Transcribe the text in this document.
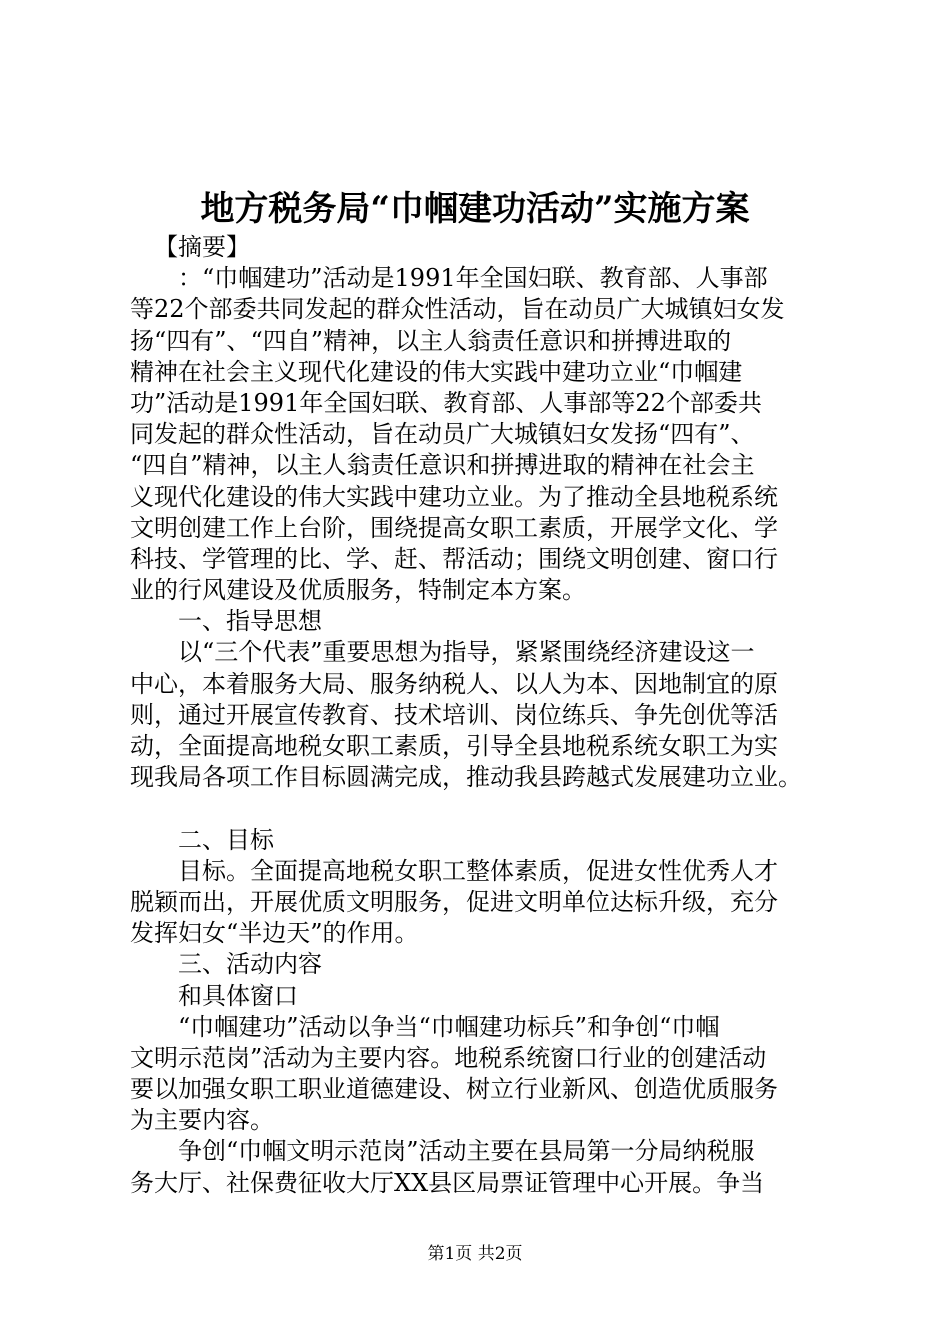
地方税务局“巾帼建功活动”实施方案
【摘要】
：“巾帼建功”活动是1991年全国妇联、教育部、人事部
等22个部委共同发起的群众性活动，旨在动员广大城镇妇女发
扬“四有”、“四自”精神，以主人翁责任意识和拼搏进取的
精神在社会主义现代化建设的伟大实践中建功立业“巾帼建
功”活动是1991年全国妇联、教育部、人事部等22个部委共
同发起的群众性活动，旨在动员广大城镇妇女发扬“四有”、
“四自”精神，以主人翁责任意识和拼搏进取的精神在社会主
义现代化建设的伟大实践中建功立业。为了推动全县地税系统
文明创建工作上台阶，围绕提高女职工素质，开展学文化、学
科技、学管理的比、学、赶、帮活动；围绕文明创建、窗口行
业的行风建设及优质服务，特制定本方案。
一、指导思想
以“三个代表”重要思想为指导，紧紧围绕经济建设这一
中心，本着服务大局、服务纳税人、以人为本、因地制宜的原
则，通过开展宣传教育、技术培训、岗位练兵、争先创优等活
动，全面提高地税女职工素质，引导全县地税系统女职工为实
现我局各项工作目标圆满完成，推动我县跨越式发展建功立业。
二、目标
目标。全面提高地税女职工整体素质，促进女性优秀人才
脱颖而出，开展优质文明服务，促进文明单位达标升级，充分
发挥妇女“半边天”的作用。
三、活动内容
和具体窗口
“巾帼建功”活动以争当“巾帼建功标兵”和争创“巾帼
文明示范岗”活动为主要内容。地税系统窗口行业的创建活动
要以加强女职工职业道德建设、树立行业新风、创造优质服务
为主要内容。
争创“巾帼文明示范岗”活动主要在县局第一分局纳税服
务大厅、社保费征收大厅XX县区局票证管理中心开展。争当
第1页 共2页
